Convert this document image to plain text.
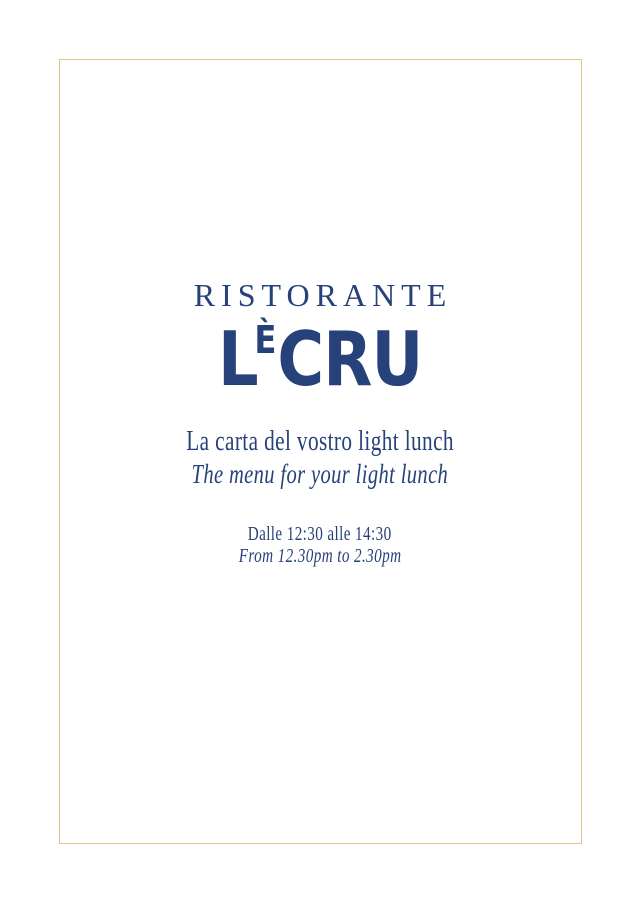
RISTORANTE
LÈCRU
La carta del vostro light lunch
The menu for your light lunch
Dalle 12:30 alle 14:30
From 12.30pm to 2.30pm
